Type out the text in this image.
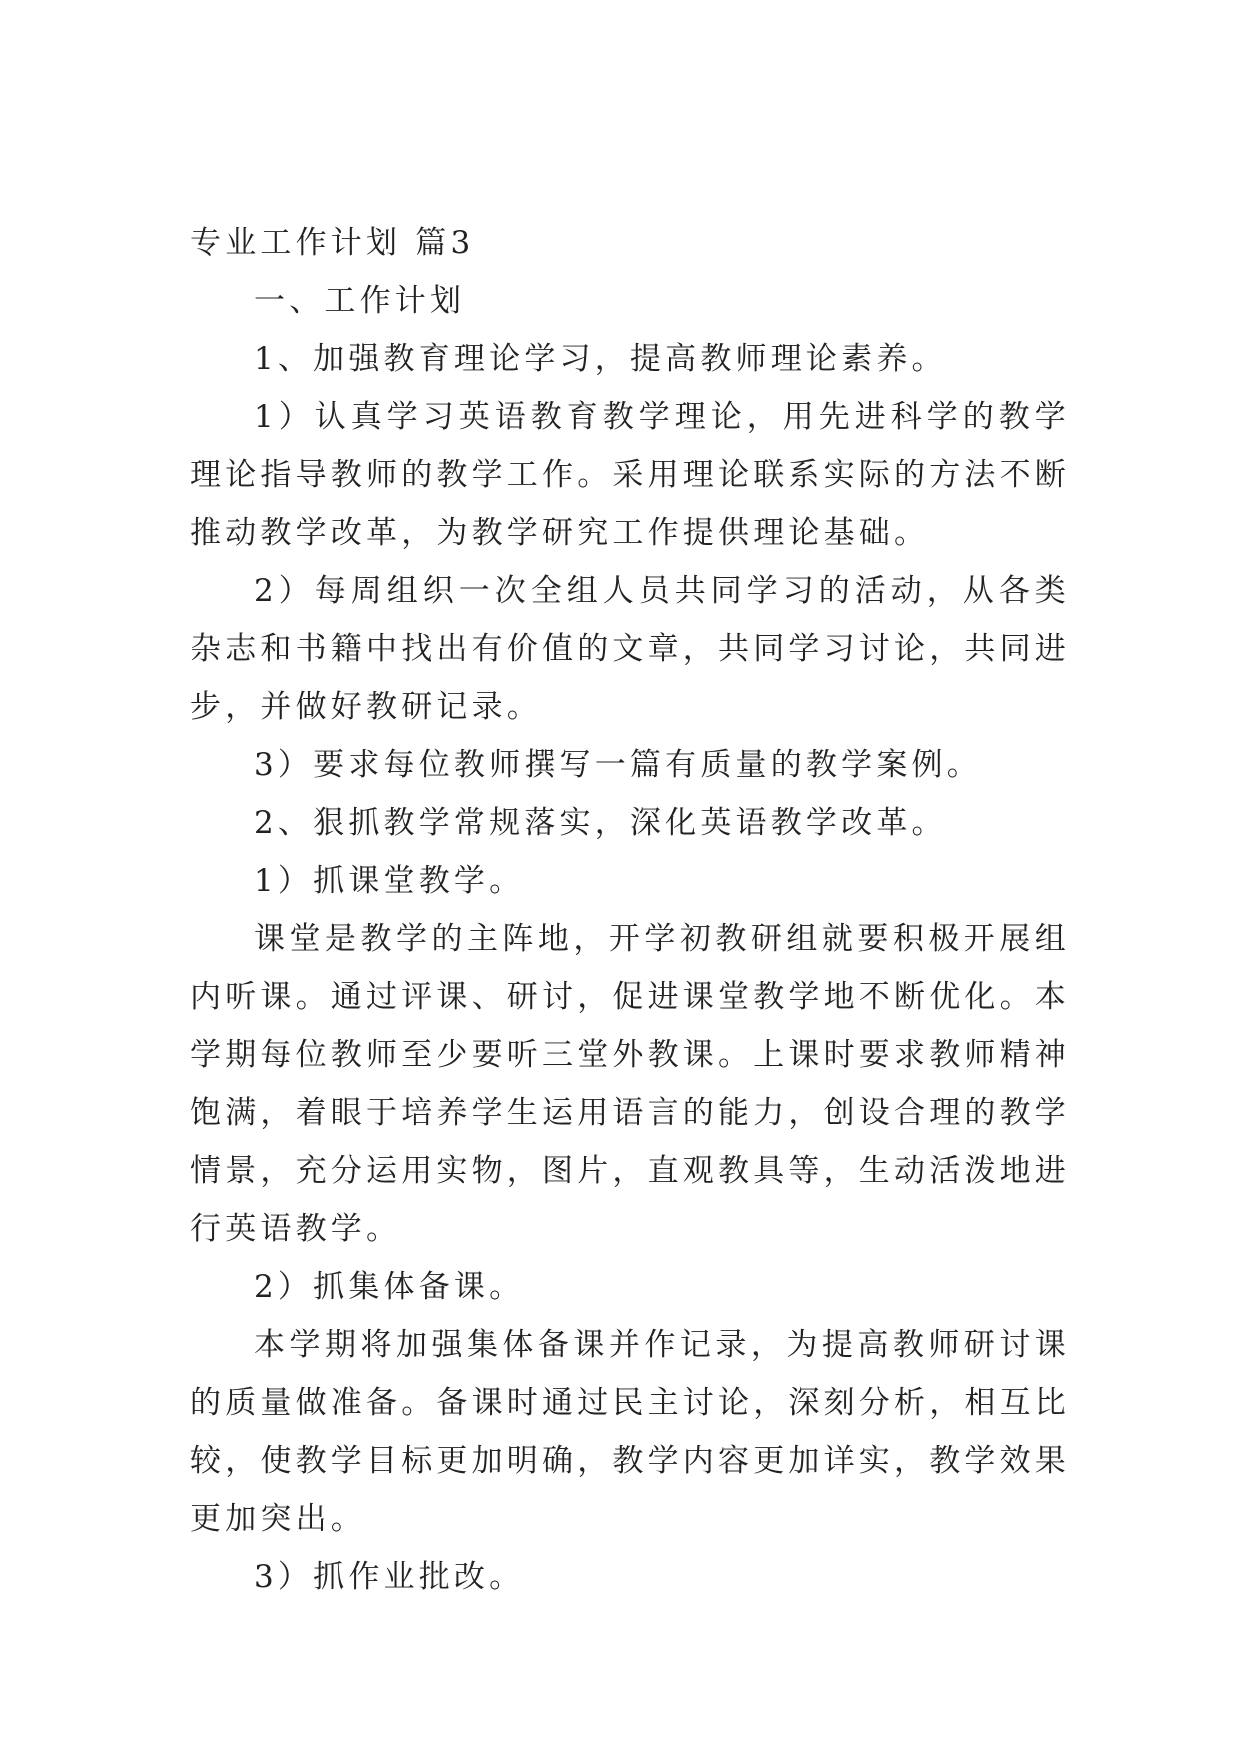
专业工作计划 篇3

一、工作计划

1、加强教育理论学习，提高教师理论素养。

1）认真学习英语教育教学理论，用先进科学的教学理论指导教师的教学工作。采用理论联系实际的方法不断推动教学改革，为教学研究工作提供理论基础。

2）每周组织一次全组人员共同学习的活动，从各类杂志和书籍中找出有价值的文章，共同学习讨论，共同进步，并做好教研记录。

3）要求每位教师撰写一篇有质量的教学案例。

2、狠抓教学常规落实，深化英语教学改革。

1）抓课堂教学。

课堂是教学的主阵地，开学初教研组就要积极开展组内听课。通过评课、研讨，促进课堂教学地不断优化。本学期每位教师至少要听三堂外教课。上课时要求教师精神饱满，着眼于培养学生运用语言的能力，创设合理的教学情景，充分运用实物，图片，直观教具等，生动活泼地进行英语教学。

2）抓集体备课。

本学期将加强集体备课并作记录，为提高教师研讨课的质量做准备。备课时通过民主讨论，深刻分析，相互比较，使教学目标更加明确，教学内容更加详实，教学效果更加突出。

3）抓作业批改。
